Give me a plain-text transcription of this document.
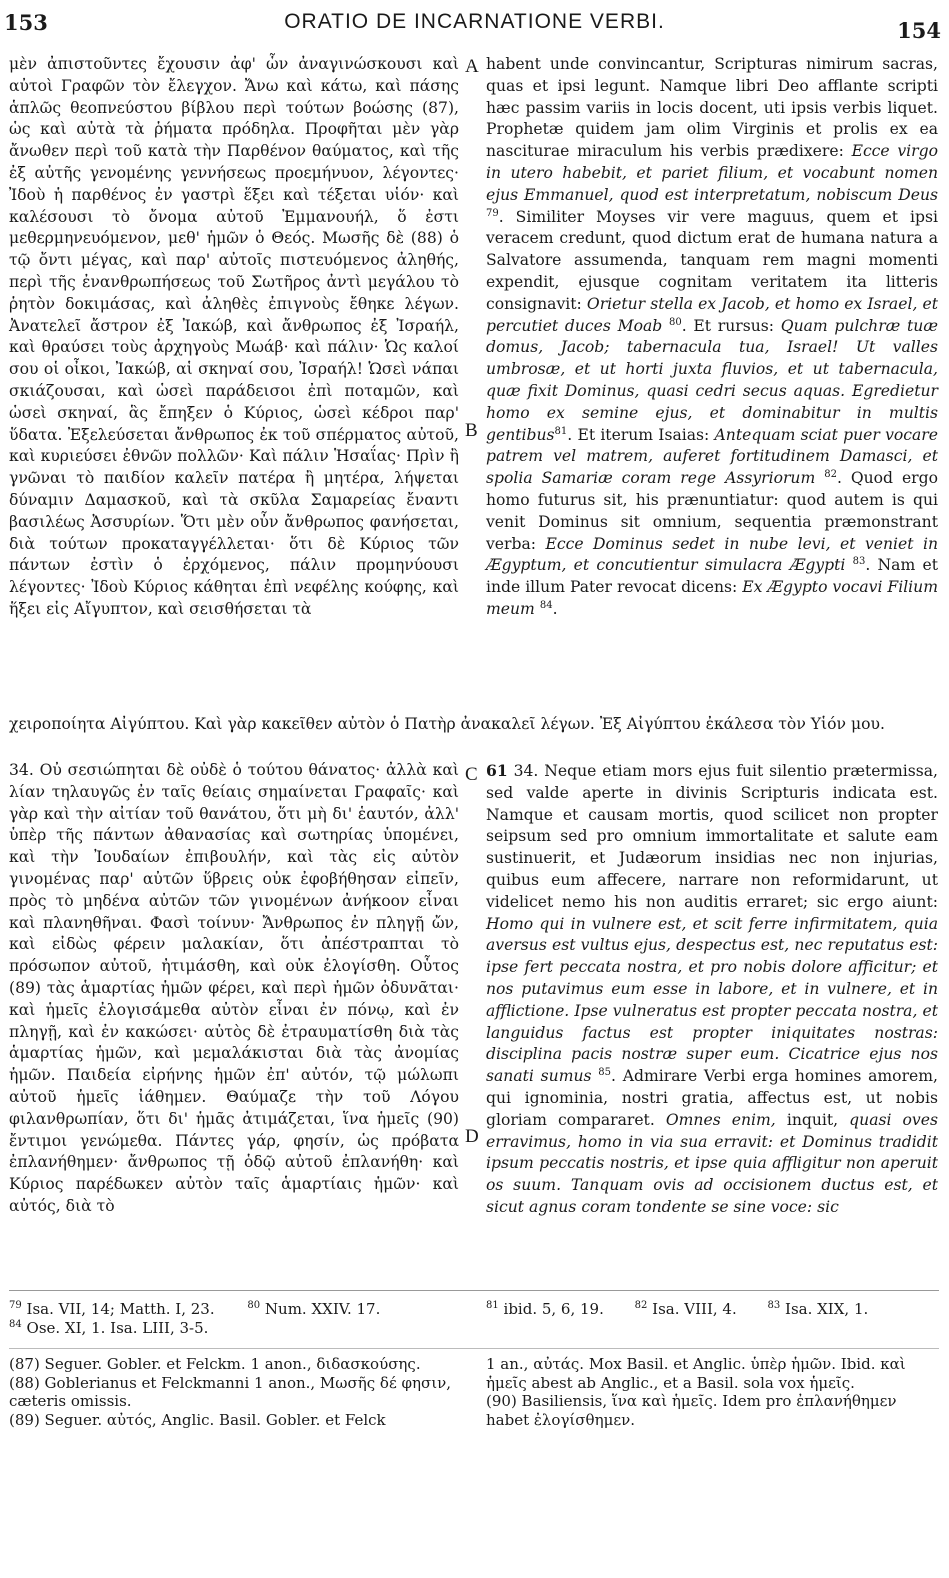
153	ORATIO DE INCARNATIONE VERBI.	154
A
B
C
D

μὲν ἀπιστοῦντες ἔχουσιν ἀφ' ὧν ἀναγινώσκουσι καὶ αὐτοὶ Γραφῶν τὸν ἔλεγχον. Ἄνω καὶ κάτω, καὶ πάσης ἁπλῶς θεοπνεύστου βίβλου περὶ τούτων βοώσης (87), ὡς καὶ αὐτὰ τὰ ῥήματα πρόδηλα. Προφῆται μὲν γὰρ ἄνωθεν περὶ τοῦ κατὰ τὴν Παρθένον θαύματος, καὶ τῆς ἐξ αὐτῆς γενομένης γεννήσεως προεμήνυον, λέγοντες· Ἰδοὺ ἡ παρθένος ἐν γαστρὶ ἕξει καὶ τέξεται υἱόν· καὶ καλέσουσι τὸ ὄνομα αὐτοῦ Ἐμμανουήλ, ὅ ἐστι μεθερμηνευόμενον, μεθ' ἡμῶν ὁ Θεός. Μωσῆς δὲ (88) ὁ τῷ ὄντι μέγας, καὶ παρ' αὐτοῖς πιστευόμενος ἀληθής, περὶ τῆς ἐνανθρωπήσεως τοῦ Σωτῆρος ἀντὶ μεγάλου τὸ ῥητὸν δοκιμάσας, καὶ ἀληθὲς ἐπιγνοὺς ἔθηκε λέγων. Ἀνατελεῖ ἄστρον ἐξ Ἰακώβ, καὶ ἄνθρωπος ἐξ Ἰσραήλ, καὶ θραύσει τοὺς ἀρχηγοὺς Μωάβ· καὶ πάλιν· Ὡς καλοί σου οἱ οἶκοι, Ἰακώβ, αἱ σκηναί σου, Ἰσραήλ! Ὡσεὶ νάπαι σκιάζουσαι, καὶ ὡσεὶ παράδεισοι ἐπὶ ποταμῶν, καὶ ὡσεὶ σκηναί, ἃς ἔπηξεν ὁ Κύριος, ὡσεὶ κέδροι παρ' ὕδατα. Ἐξελεύσεται ἄνθρωπος ἐκ τοῦ σπέρματος αὐτοῦ, καὶ κυριεύσει ἐθνῶν πολλῶν· Καὶ πάλιν Ἡσαΐας· Πρὶν ἢ γνῶναι τὸ παιδίον καλεῖν πατέρα ἢ μητέρα, λήψεται δύναμιν Δαμασκοῦ, καὶ τὰ σκῦλα Σαμαρείας ἔναντι βασιλέως Ἀσσυρίων. Ὅτι μὲν οὖν ἄνθρωπος φανήσεται, διὰ τούτων προκαταγγέλλεται· ὅτι δὲ Κύριος τῶν πάντων ἐστὶν ὁ ἐρχόμενος, πάλιν προμηνύουσι λέγοντες· Ἰδοὺ Κύριος κάθηται ἐπὶ νεφέλης κούφης, καὶ ἥξει εἰς Αἴγυπτον, καὶ σεισθήσεται τὰ

habent unde convincantur, Scripturas nimirum sacras, quas et ipsi legunt. Namque libri Deo afflante scripti hæc passim variis in locis docent, uti ipsis verbis liquet. Prophetæ quidem jam olim Virginis et prolis ex ea nasciturae miraculum his verbis prædixere: Ecce virgo in utero habebit, et pariet filium, et vocabunt nomen ejus Emmanuel, quod est interpretatum, nobiscum Deus $^{79}$. Similiter Moyses vir vere maguus, quem et ipsi veracem credunt, quod dictum erat de humana natura a Salvatore assumenda, tanquam rem magni momenti expendit, ejusque cognitam veritatem ita litteris consignavit: Orietur stella ex Jacob, et homo ex Israel, et percutiet duces Moab $^{80}$. Et rursus: Quam pulchræ tuæ domus, Jacob; tabernacula tua, Israel! Ut valles umbrosæ, et ut horti juxta fluvios, et ut tabernacula, quæ fixit Dominus, quasi cedri secus aquas. Egredietur homo ex semine ejus, et dominabitur in multis gentibus$^{81}$. Et iterum Isaias: Antequam sciat puer vocare patrem vel matrem, auferet fortitudinem Damasci, et spolia Samariæ coram rege Assyriorum $^{82}$. Quod ergo homo futurus sit, his prænuntiatur: quod autem is qui venit Dominus sit omnium, sequentia præmonstrant verba: Ecce Dominus sedet in nube levi, et veniet in Ægyptum, et concutientur simulacra Ægypti $^{83}$. Nam et inde illum Pater revocat dicens: Ex Ægypto vocavi Filium meum $^{84}$.

χειροποίητα Αἰγύπτου. Καὶ γὰρ κακεῖθεν αὐτὸν ὁ Πατὴρ ἀνακαλεῖ λέγων. Ἐξ Αἰγύπτου ἐκάλεσα τὸν Υἱόν μου.

34. Οὐ σεσιώπηται δὲ οὐδὲ ὁ τούτου θάνατος· ἀλλὰ καὶ λίαν τηλαυγῶς ἐν ταῖς θείαις σημαίνεται Γραφαῖς· καὶ γὰρ καὶ τὴν αἰτίαν τοῦ θανάτου, ὅτι μὴ δι' ἑαυτόν, ἀλλ' ὑπὲρ τῆς πάντων ἀθανασίας καὶ σωτηρίας ὑπομένει, καὶ τὴν Ἰουδαίων ἐπιβουλήν, καὶ τὰς εἰς αὐτὸν γινομένας παρ' αὐτῶν ὕβρεις οὐκ ἐφοβήθησαν εἰπεῖν, πρὸς τὸ μηδένα αὐτῶν τῶν γινομένων ἀνήκοον εἶναι καὶ πλανηθῆναι. Φασὶ τοίνυν· Ἄνθρωπος ἐν πληγῇ ὤν, καὶ εἰδὼς φέρειν μαλακίαν, ὅτι ἀπέστραπται τὸ πρόσωπον αὐτοῦ, ἠτιμάσθη, καὶ οὐκ ἐλογίσθη. Οὗτος (89) τὰς ἁμαρτίας ἡμῶν φέρει, καὶ περὶ ἡμῶν ὀδυνᾶται· καὶ ἡμεῖς ἐλογισάμεθα αὐτὸν εἶναι ἐν πόνῳ, καὶ ἐν πληγῇ, καὶ ἐν κακώσει· αὐτὸς δὲ ἐτραυματίσθη διὰ τὰς ἁμαρτίας ἡμῶν, καὶ μεμαλάκισται διὰ τὰς ἀνομίας ἡμῶν. Παιδεία εἰρήνης ἡμῶν ἐπ' αὐτόν, τῷ μώλωπι αὐτοῦ ἡμεῖς ἰάθημεν. Θαύμαζε τὴν τοῦ Λόγου φιλανθρωπίαν, ὅτι δι' ἡμᾶς ἀτιμάζεται, ἵνα ἡμεῖς (90) ἔντιμοι γενώμεθα. Πάντες γάρ, φησίν, ὡς πρόβατα ἐπλανήθημεν· ἄνθρωπος τῇ ὁδῷ αὐτοῦ ἐπλανήθη· καὶ Κύριος παρέδωκεν αὐτὸν ταῖς ἁμαρτίαις ἡμῶν· καὶ αὐτός, διὰ τὸ

61 34. Neque etiam mors ejus fuit silentio prætermissa, sed valde aperte in divinis Scripturis indicata est. Namque et causam mortis, quod scilicet non propter seipsum sed pro omnium immortalitate et salute eam sustinuerit, et Judæorum insidias nec non injurias, quibus eum affecere, narrare non reformidarunt, ut videlicet nemo his non auditis erraret; sic ergo aiunt: Homo qui in vulnere est, et scit ferre infirmitatem, quia aversus est vultus ejus, despectus est, nec reputatus est: ipse fert peccata nostra, et pro nobis dolore afficitur; et nos putavimus eum esse in labore, et in vulnere, et in afflictione. Ipse vulneratus est propter peccata nostra, et languidus factus est propter iniquitates nostras: disciplina pacis nostræ super eum. Cicatrice ejus nos sanati sumus $^{85}$. Admirare Verbi erga homines amorem, qui ignominia, nostri gratia, affectus est, ut nobis gloriam compararet. Omnes enim, inquit, quasi oves erravimus, homo in via sua erravit: et Dominus tradidit ipsum peccatis nostris, et ipse quia affligitur non aperuit os suum. Tanquam ovis ad occisionem ductus est, et sicut agnus coram tondente se sine voce: sic

$^{79}$ Isa. VII, 14; Matth. I, 23.	$^{80}$ Num. XXIV. 17.
$^{84}$ Ose. XI, 1. Isa. LIII, 3-5.
$^{81}$ ibid. 5, 6, 19.	$^{82}$ Isa. VIII, 4.	$^{83}$ Isa. XIX, 1.

(87) Seguer. Gobler. et Felckm. 1 anon., διδασκούσης.

(88) Goblerianus et Felckmanni 1 anon., Μωσῆς δέ φησιν, cæteris omissis.

(89) Seguer. αὐτός, Anglic. Basil. Gobler. et Felck

1 an., αὐτάς. Mox Basil. et Anglic. ὑπὲρ ἡμῶν. Ibid. καὶ ἡμεῖς abest ab Anglic., et a Basil. sola vox ἡμεῖς.

(90) Basiliensis, ἵνα καὶ ἡμεῖς. Idem pro ἐπλανήθημεν habet ἐλογίσθημεν.
